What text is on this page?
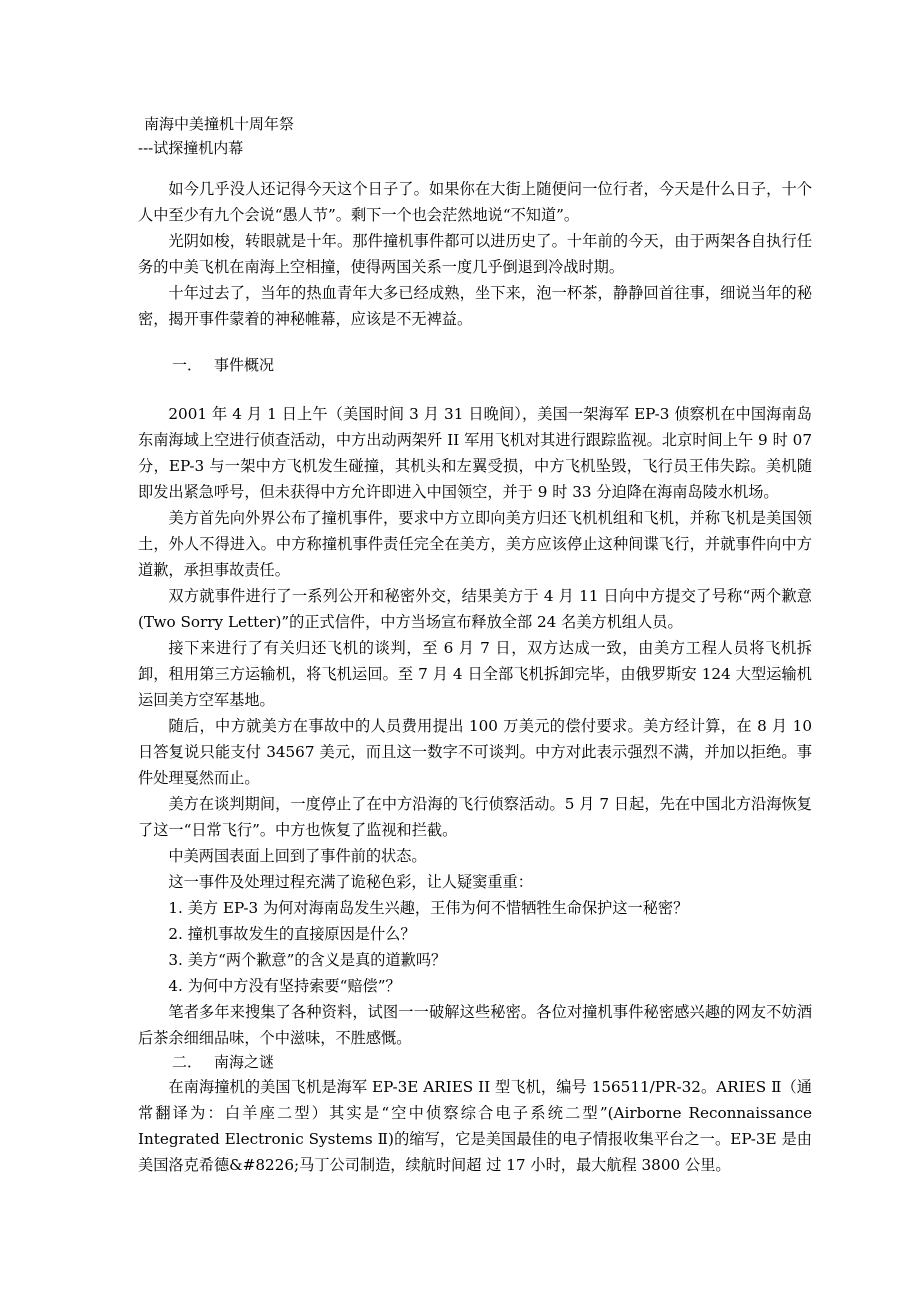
南海中美撞机十周年祭
---试探撞机内幕

如今几乎没人还记得今天这个日子了。如果你在大街上随便问一位行者，今天是什么日子，十个人中至少有九个会说“愚人节”。剩下一个也会茫然地说“不知道”。

光阴如梭，转眼就是十年。那件撞机事件都可以进历史了。十年前的今天，由于两架各自执行任务的中美飞机在南海上空相撞，使得两国关系一度几乎倒退到冷战时期。

十年过去了，当年的热血青年大多已经成熟，坐下来，泡一杯茶，静静回首往事，细说当年的秘密，揭开事件蒙着的神秘帷幕，应该是不无裨益。

一． 事件概况

2001 年 4 月 1 日上午（美国时间 3 月 31 日晚间），美国一架海军 EP-3 侦察机在中国海南岛东南海域上空进行侦查活动，中方出动两架歼 II 军用飞机对其进行跟踪监视。北京时间上午 9 时 07 分，EP-3 与一架中方飞机发生碰撞，其机头和左翼受损，中方飞机坠毁，飞行员王伟失踪。美机随即发出紧急呼号，但未获得中方允许即进入中国领空，并于 9 时 33 分迫降在海南岛陵水机场。

美方首先向外界公布了撞机事件，要求中方立即向美方归还飞机机组和飞机，并称飞机是美国领土，外人不得进入。中方称撞机事件责任完全在美方，美方应该停止这种间谍飞行，并就事件向中方道歉，承担事故责任。

双方就事件进行了一系列公开和秘密外交，结果美方于 4 月 11 日向中方提交了号称“两个歉意(Two Sorry Letter)”的正式信件，中方当场宣布释放全部 24 名美方机组人员。

接下来进行了有关归还飞机的谈判，至 6 月 7 日，双方达成一致，由美方工程人员将飞机拆卸，租用第三方运输机，将飞机运回。至 7 月 4 日全部飞机拆卸完毕，由俄罗斯安 124 大型运输机运回美方空军基地。

随后，中方就美方在事故中的人员费用提出 100 万美元的偿付要求。美方经计算，在 8 月 10 日答复说只能支付 34567 美元，而且这一数字不可谈判。中方对此表示强烈不满，并加以拒绝。事件处理戛然而止。

美方在谈判期间，一度停止了在中方沿海的飞行侦察活动。5 月 7 日起，先在中国北方沿海恢复了这一“日常飞行”。中方也恢复了监视和拦截。

中美两国表面上回到了事件前的状态。

这一事件及处理过程充满了诡秘色彩，让人疑窦重重：

1. 美方 EP-3 为何对海南岛发生兴趣，王伟为何不惜牺牲生命保护这一秘密？

2. 撞机事故发生的直接原因是什么？

3. 美方“两个歉意”的含义是真的道歉吗？

4. 为何中方没有坚持索要“赔偿”？

笔者多年来搜集了各种资料，试图一一破解这些秘密。各位对撞机事件秘密感兴趣的网友不妨酒后茶余细细品味，个中滋味，不胜感慨。

二． 南海之谜

在南海撞机的美国飞机是海军 EP-3E ARIES II 型飞机，编号 156511/PR-32。ARIES Ⅱ（通常翻译为：白羊座二型）其实是“空中侦察综合电子系统二型”(Airborne Reconnaissance Integrated Electronic Systems Ⅱ)的缩写，它是美国最佳的电子情报收集平台之一。EP-3E 是由美国洛克希德&#8226;马丁公司制造，续航时间超 过 17 小时，最大航程 3800 公里。
